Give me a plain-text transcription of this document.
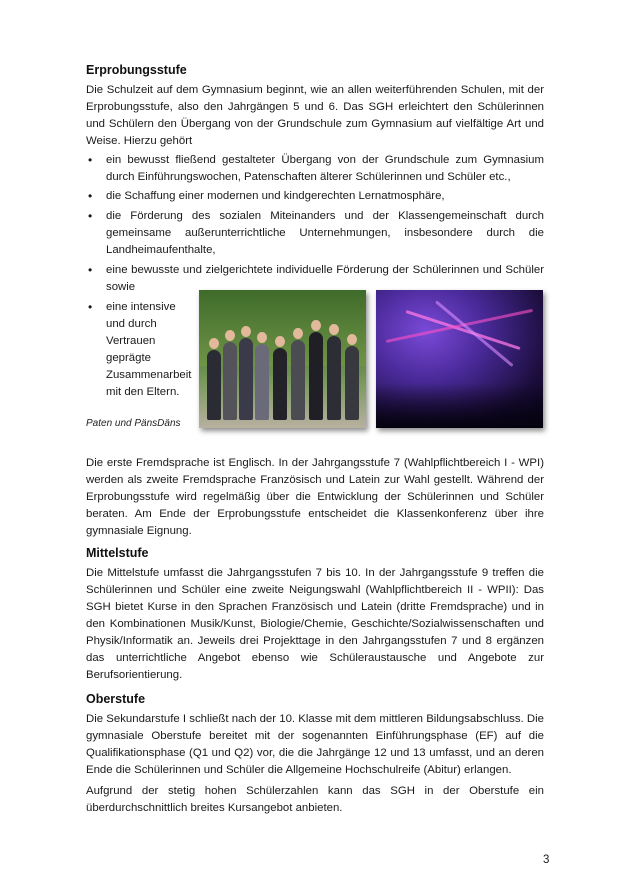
Erprobungsstufe

Die Schulzeit auf dem Gymnasium beginnt, wie an allen weiterführenden Schulen, mit der Erprobungsstufe, also den Jahrgängen 5 und 6. Das SGH erleichtert den Schülerinnen und Schülern den Übergang von der Grundschule zum Gymnasium auf vielfältige Art und Weise. Hierzu gehört

• ein bewusst fließend gestalteter Übergang von der Grundschule zum Gymnasium durch Einführungswochen, Patenschaften älterer Schülerinnen und Schüler etc.,
• die Schaffung einer modernen und kindgerechten Lernatmosphäre,
• die Förderung des sozialen Miteinanders und der Klassengemeinschaft durch gemeinsame außerunterrichtliche Unternehmungen, insbesondere durch die Landheimaufenthalte,
• eine bewusste und zielgerichtete individuelle Förderung der Schülerinnen und Schüler sowie
• eine intensive und durch Vertrauen geprägte Zusammenarbeit mit den Eltern.
Paten und PänsDäns

Die erste Fremdsprache ist Englisch. In der Jahrgangsstufe 7 (Wahlpflichtbereich I - WPI) werden als zweite Fremdsprache Französisch und Latein zur Wahl gestellt. Während der Erprobungsstufe wird regelmäßig über die Entwicklung der Schülerinnen und Schüler beraten. Am Ende der Erprobungsstufe entscheidet die Klassenkonferenz über ihre gymnasiale Eignung.

Mittelstufe

Die Mittelstufe umfasst die Jahrgangsstufen 7 bis 10. In der Jahrgangsstufe 9 treffen die Schülerinnen und Schüler eine zweite Neigungswahl (Wahlpflichtbereich II - WPII): Das SGH bietet Kurse in den Sprachen Französisch und Latein (dritte Fremdsprache) und in den Kombinationen Musik/Kunst, Biologie/Chemie, Geschichte/Sozialwissenschaften und Physik/Informatik an. Jeweils drei Projekttage in den Jahrgangsstufen 7 und 8 ergänzen das unterrichtliche Angebot ebenso wie Schüleraustausche und Angebote zur Berufsorientierung.

Oberstufe

Die Sekundarstufe I schließt nach der 10. Klasse mit dem mittleren Bildungsabschluss. Die gymnasiale Oberstufe bereitet mit der sogenannten Einführungsphase (EF) auf die Qualifikationsphase (Q1 und Q2) vor, die die Jahrgänge 12 und 13 umfasst, und an deren Ende die Schülerinnen und Schüler die Allgemeine Hochschulreife (Abitur) erlangen.

Aufgrund der stetig hohen Schülerzahlen kann das SGH in der Oberstufe ein überdurchschnittlich breites Kursangebot anbieten.

3
